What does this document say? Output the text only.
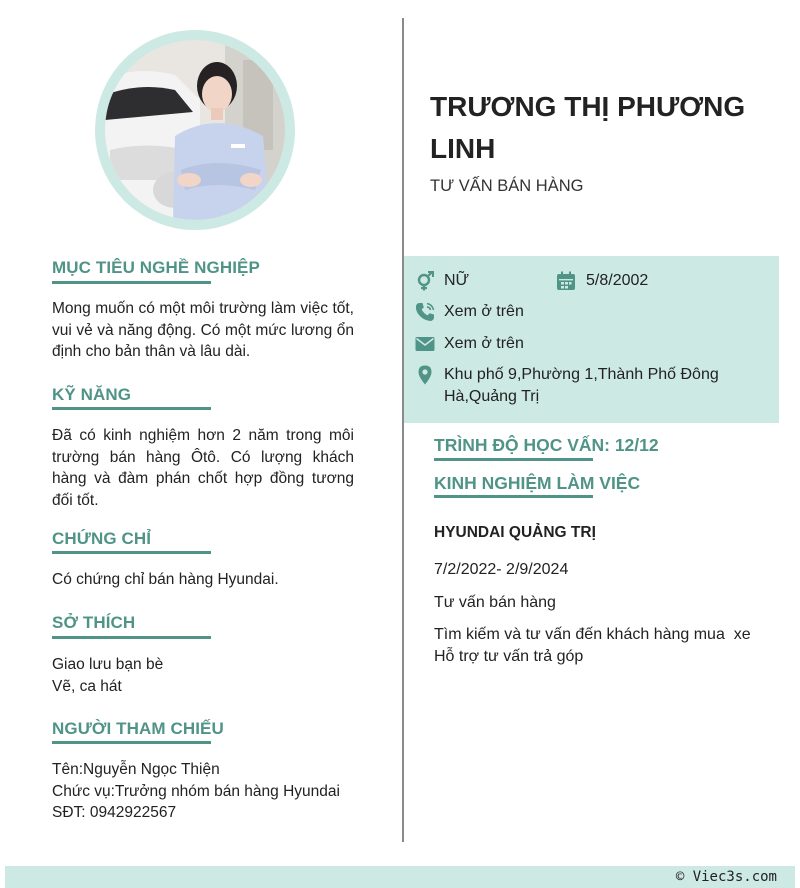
MỤC TIÊU NGHỀ NGHIỆP
Mong muốn có một môi trường làm việc tốt, vui vẻ và năng động. Có một mức lương ổn định cho bản thân và lâu dài.
KỸ NĂNG
Đã có kinh nghiệm hơn 2 năm trong môi trường bán hàng Ôtô. Có lượng khách hàng và đàm phán chốt hợp đồng tương đối tốt.
CHỨNG CHỈ
Có chứng chỉ bán hàng Hyundai.
SỞ THÍCH
Giao lưu bạn bè
Vẽ, ca hát
NGƯỜI THAM CHIẾU
Tên:Nguyễn Ngọc Thiện
Chức vụ:Trưởng nhóm bán hàng Hyundai
SĐT: 0942922567
TRƯƠNG THỊ PHƯƠNG LINH
TƯ VẤN BÁN HÀNG
NỮ	5/8/2002
Xem ở trên
Xem ở trên
Khu phố 9,Phường 1,Thành Phố Đông Hà,Quảng Trị
TRÌNH ĐỘ HỌC VẤN: 12/12
KINH NGHIỆM LÀM VIỆC
HYUNDAI QUẢNG TRỊ
7/2/2022- 2/9/2024
Tư vấn bán hàng
Tìm kiếm và tư vấn đến khách hàng mua  xe
Hỗ trợ tư vấn trả góp
© Viec3s.com
